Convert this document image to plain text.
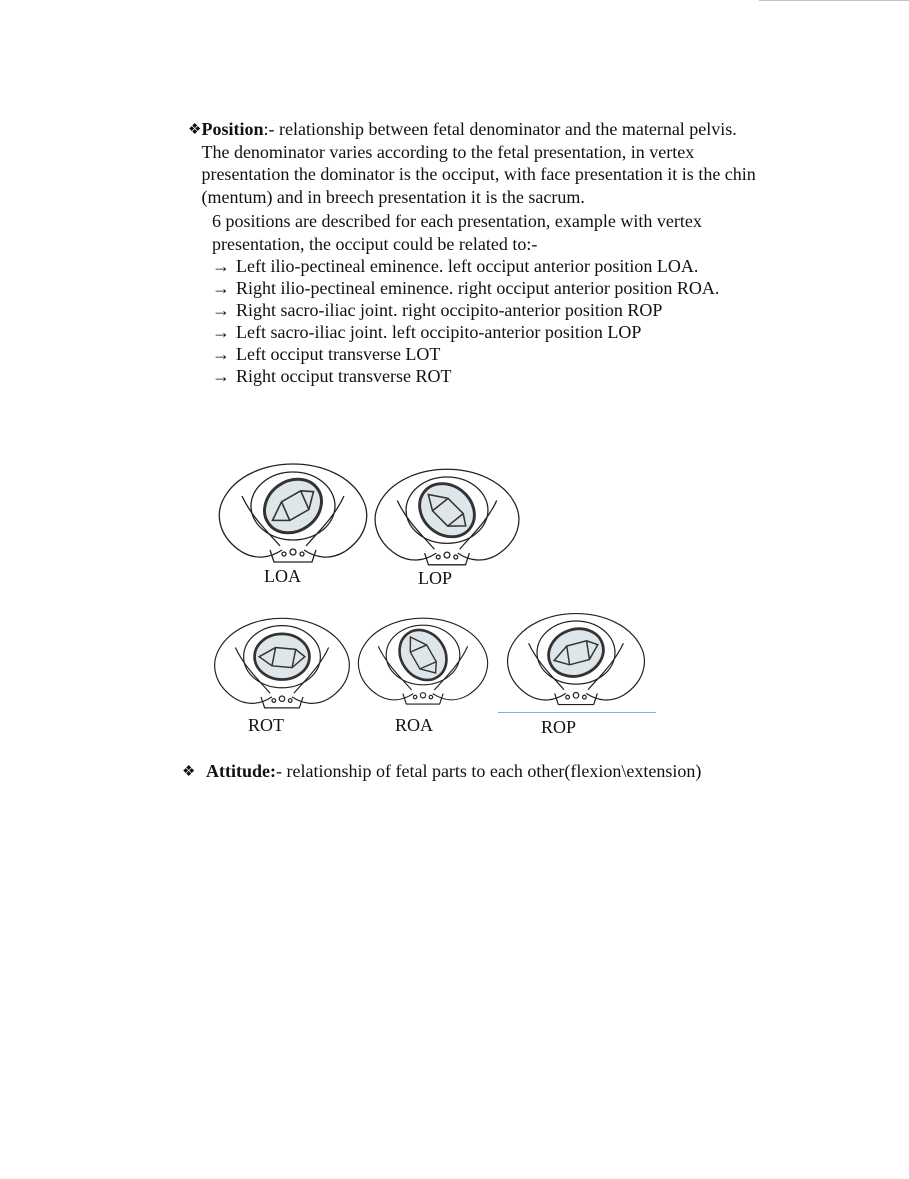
❖ Position:- relationship between fetal denominator and the maternal pelvis. The denominator varies according to the fetal presentation, in vertex presentation the dominator is the occiput, with face presentation it is the chin (mentum) and in breech presentation it is the sacrum.
6 positions are described for each presentation, example with vertex presentation, the occiput could be related to:-
→ Left ilio-pectineal eminence. left occiput anterior position LOA.
→ Right ilio-pectineal eminence. right occiput anterior position ROA.
→ Right sacro-iliac joint. right occipito-anterior position ROP
→ Left sacro-iliac joint. left occipito-anterior position LOP
→ Left occiput transverse LOT
→ Right occiput transverse ROT
LOA	LOP
ROT	ROA	ROP
❖ Attitude:- relationship of fetal parts to each other(flexion\extension)
